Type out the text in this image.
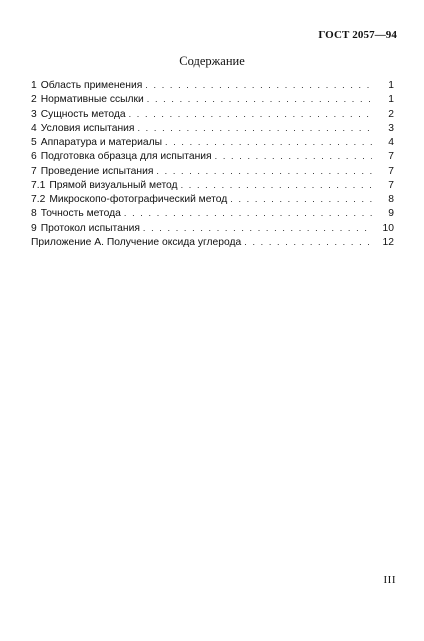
ГОСТ 2057—94
Содержание
1 Область применения . . .	1
2 Нормативные ссылки . . .	1
3 Сущность метода . . .	2
4 Условия испытания . . .	3
5 Аппаратура и материалы . . .	4
6 Подготовка образца для испытания . . .	7
7 Проведение испытания . . .	7
7.1 Прямой визуальный метод . . .	7
7.2 Микроскопо-фотографический метод . . .	8
8 Точность метода . . .	9
9 Протокол испытания . . .	10
Приложение А. Получение оксида углерода . . .	12
III
